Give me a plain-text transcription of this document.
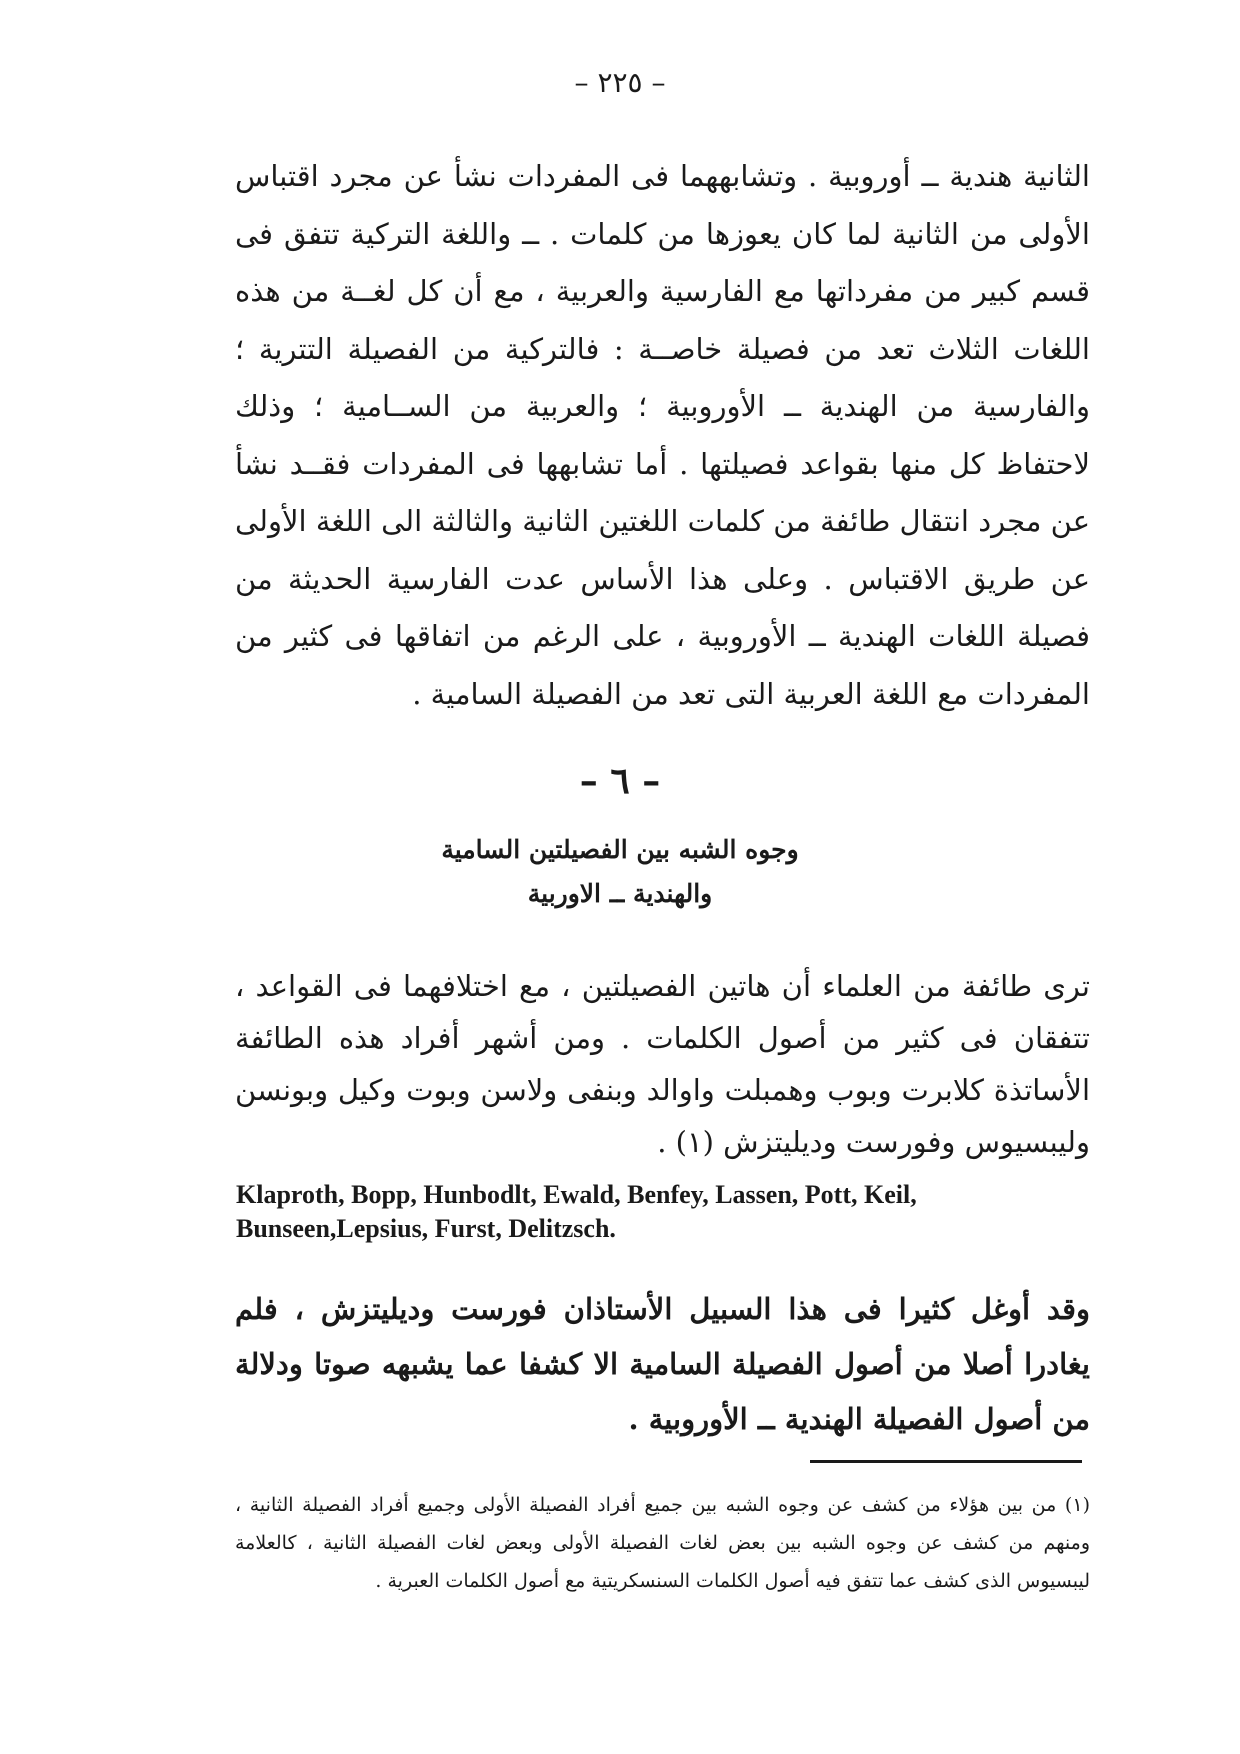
– ٢٢٥ –
الثانية هندية ــ أوروبية . وتشابههما فى المفردات نشأ عن مجرد اقتباس الأولى من الثانية لما كان يعوزها من كلمات . ــ واللغة التركية تتفق فى قسم كبير من مفرداتها مع الفارسية والعربية ، مع أن كل لغــة من هذه اللغات الثلاث تعد من فصيلة خاصــة : فالتركية من الفصيلة التترية ؛ والفارسية من الهندية ــ الأوروبية ؛ والعربية من الســامية ؛ وذلك لاحتفاظ كل منها بقواعد فصيلتها . أما تشابهها فى المفردات فقــد نشأ عن مجرد انتقال طائفة من كلمات اللغتين الثانية والثالثة الى اللغة الأولى عن طريق الاقتباس . وعلى هذا الأساس عدت الفارسية الحديثة من فصيلة اللغات الهندية ــ الأوروبية ، على الرغم من اتفاقها فى كثير من المفردات مع اللغة العربية التى تعد من الفصيلة السامية .
– ٦ –
وجوه الشبه بين الفصيلتين السامية
والهندية ــ الاوربية
ترى طائفة من العلماء أن هاتين الفصيلتين ، مع اختلافهما فى القواعد ، تتفقان فى كثير من أصول الكلمات . ومن أشهر أفراد هذه الطائفة الأساتذة كلابرت وبوب وهمبلت واوالد وبنفى ولاسن وبوت وكيل وبونسن وليبسيوس وفورست وديليتزش (١) .
Klaproth, Bopp, Hunbodlt, Ewald, Benfey, Lassen, Pott, Keil, Bunseen,Lepsius, Furst, Delitzsch.
وقد أوغل كثيرا فى هذا السبيل الأستاذان فورست وديليتزش ، فلم يغادرا أصلا من أصول الفصيلة السامية الا كشفا عما يشبهه صوتا ودلالة من أصول الفصيلة الهندية ــ الأوروبية .
(١) من بين هؤلاء من كشف عن وجوه الشبه بين جميع أفراد الفصيلة الأولى وجميع أفراد الفصيلة الثانية ، ومنهم من كشف عن وجوه الشبه بين بعض لغات الفصيلة الأولى وبعض لغات الفصيلة الثانية ، كالعلامة ليبسيوس الذى كشف عما تتفق فيه أصول الكلمات السنسكريتية مع أصول الكلمات العبرية .
